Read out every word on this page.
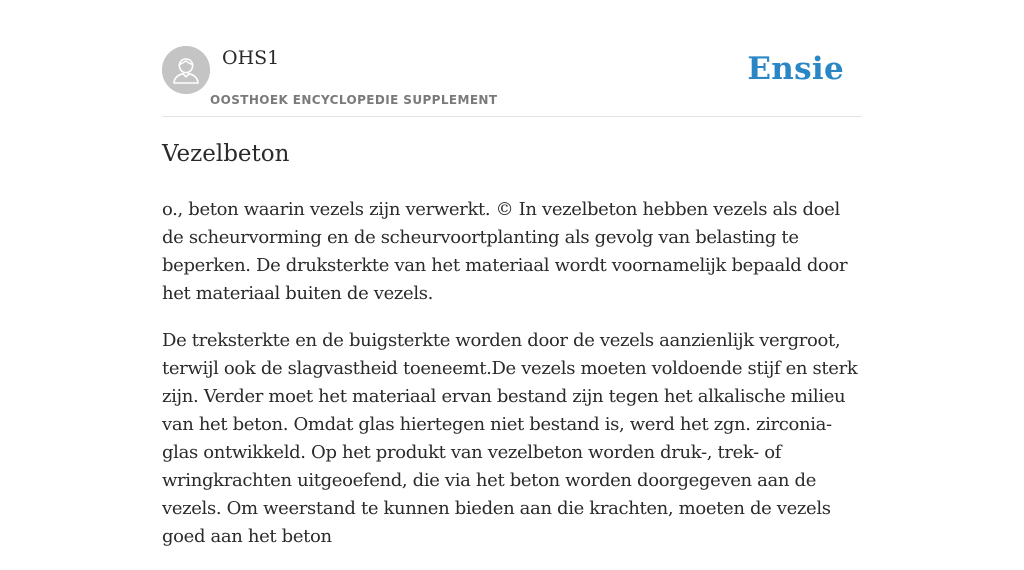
OHS1
OOSTHOEK ENCYCLOPEDIE SUPPLEMENT
Ensie
Vezelbeton

o., beton waarin vezels zijn verwerkt. © In vezelbeton hebben vezels als doel de scheurvorming en de scheurvoortplanting als gevolg van belasting te beperken. De druksterkte van het materiaal wordt voornamelijk bepaald door het materiaal buiten de vezels.

De treksterkte en de buigsterkte worden door de vezels aanzienlijk vergroot, terwijl ook de slagvastheid toeneemt.De vezels moeten voldoende stijf en sterk zijn. Verder moet het materiaal ervan bestand zijn tegen het alkalische milieu van het beton. Omdat glas hiertegen niet bestand is, werd het zgn. zirconia-glas ontwikkeld. Op het produkt van vezelbeton worden druk-, trek- of wringkrachten uitgeoefend, die via het beton worden doorgegeven aan de vezels. Om weerstand te kunnen bieden aan die krachten, moeten de vezels goed aan het beton
